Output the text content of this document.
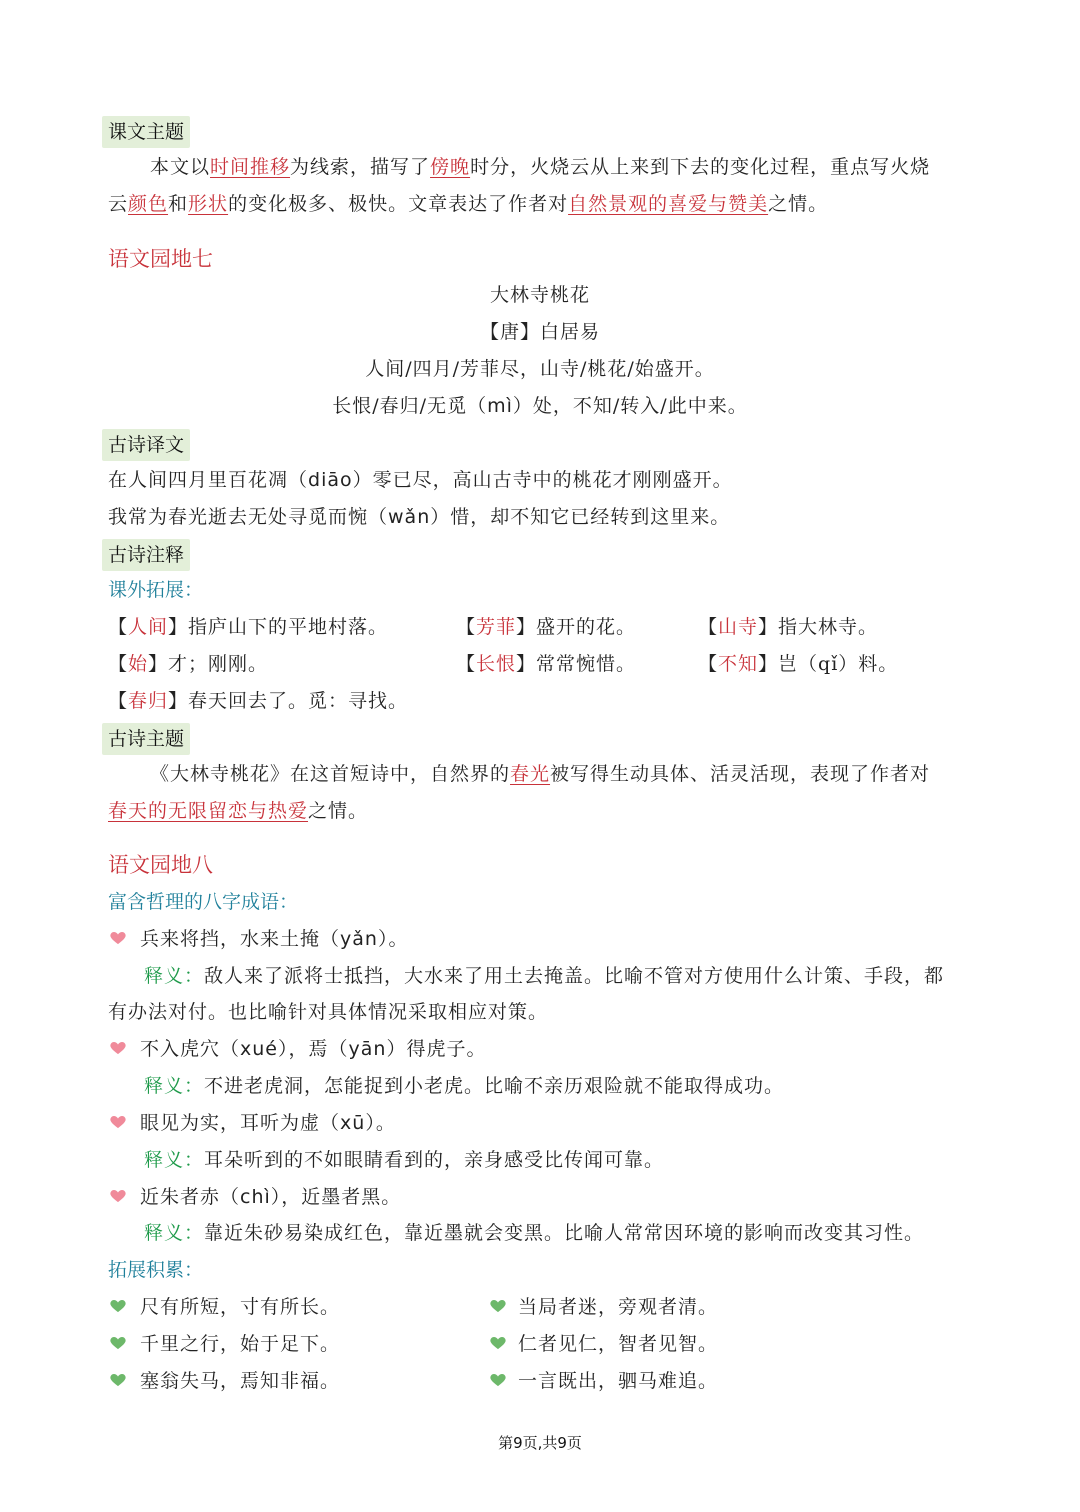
课文主题
本文以时间推移为线索，描写了傍晚时分，火烧云从上来到下去的变化过程，重点写火烧
云颜色和形状的变化极多、极快。文章表达了作者对自然景观的喜爱与赞美之情。
语文园地七
大林寺桃花
【唐】白居易
人间/四月/芳菲尽，山寺/桃花/始盛开。
长恨/春归/无觅（mì）处，不知/转入/此中来。
古诗译文
在人间四月里百花凋（diāo）零已尽，高山古寺中的桃花才刚刚盛开。
我常为春光逝去无处寻觅而惋（wǎn）惜，却不知它已经转到这里来。
古诗注释
课外拓展：
【人间】指庐山下的平地村落。	【芳菲】盛开的花。	【山寺】指大林寺。
【始】才；刚刚。	【长恨】常常惋惜。	【不知】岂（qǐ）料。
【春归】春天回去了。觅：寻找。
古诗主题
《大林寺桃花》在这首短诗中，自然界的春光被写得生动具体、活灵活现，表现了作者对
春天的无限留恋与热爱之情。
语文园地八
富含哲理的八字成语：
兵来将挡，水来土掩（yǎn）。
释义：敌人来了派将士抵挡，大水来了用土去掩盖。比喻不管对方使用什么计策、手段，都
有办法对付。也比喻针对具体情况采取相应对策。
不入虎穴（xué），焉（yān）得虎子。
释义：不进老虎洞，怎能捉到小老虎。比喻不亲历艰险就不能取得成功。
眼见为实，耳听为虚（xū）。
释义：耳朵听到的不如眼睛看到的，亲身感受比传闻可靠。
近朱者赤（chì），近墨者黑。
释义：靠近朱砂易染成红色，靠近墨就会变黑。比喻人常常因环境的影响而改变其习性。
拓展积累：
尺有所短，寸有所长。	当局者迷，旁观者清。
千里之行，始于足下。	仁者见仁，智者见智。
塞翁失马，焉知非福。	一言既出，驷马难追。
第9页,共9页
